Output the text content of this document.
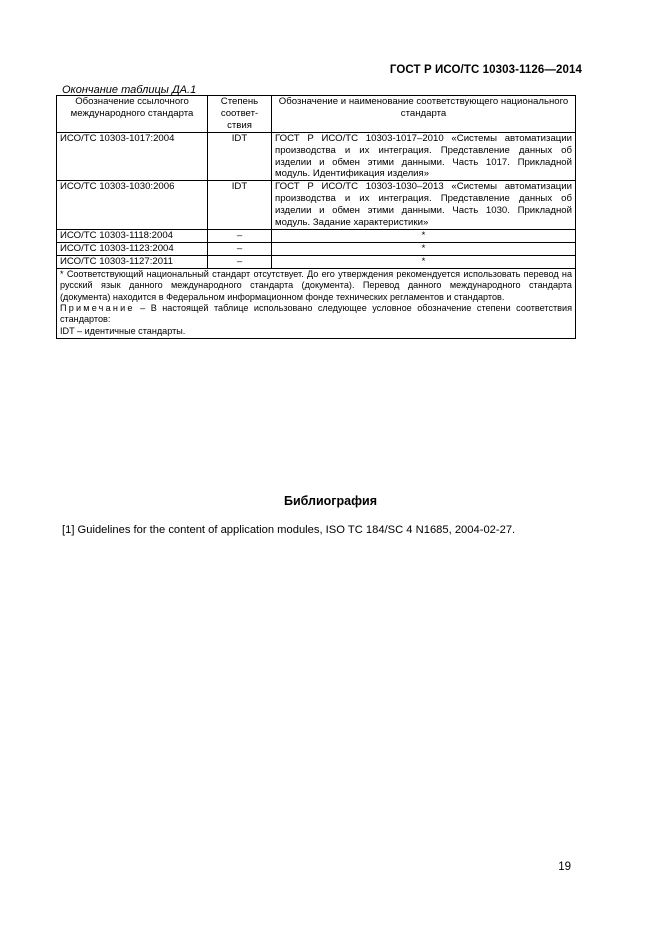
ГОСТ Р ИСО/ТС 10303-1126—2014
Окончание таблицы ДА.1
Обозначение ссылочного международного стандарта	Степень соответ-ствия	Обозначение и наименование соответствующего национального стандарта
ИСО/ТС 10303-1017:2004	IDT	ГОСТ Р ИСО/ТС 10303-1017–2010 «Системы автоматизации производства и их интеграция. Представление данных об изделии и обмен этими данными. Часть 1017. Прикладной модуль. Идентификация изделия»
ИСО/ТС 10303-1030:2006	IDT	ГОСТ Р ИСО/ТС 10303-1030–2013 «Системы автоматизации производства и их интеграция. Представление данных об изделии и обмен этими данными. Часть 1030. Прикладной модуль. Задание характеристики»
ИСО/ТС 10303-1118:2004	–	*
ИСО/ТС 10303-1123:2004	–	*
ИСО/ТС 10303-1127:2011	–	*

* Соответствующий национальный стандарт отсутствует. До его утверждения рекомендуется использовать перевод на русский язык данного международного стандарта (документа). Перевод данного международного стандарта (документа) находится в Федеральном информационном фонде технических регламентов и стандартов.
Примечание – В настоящей таблице использовано следующее условное обозначение степени соответствия стандартов:
IDT – идентичные стандарты.		
Библиография
[1] Guidelines for the content of application modules, ISO TC 184/SC 4 N1685, 2004-02-27.
19
